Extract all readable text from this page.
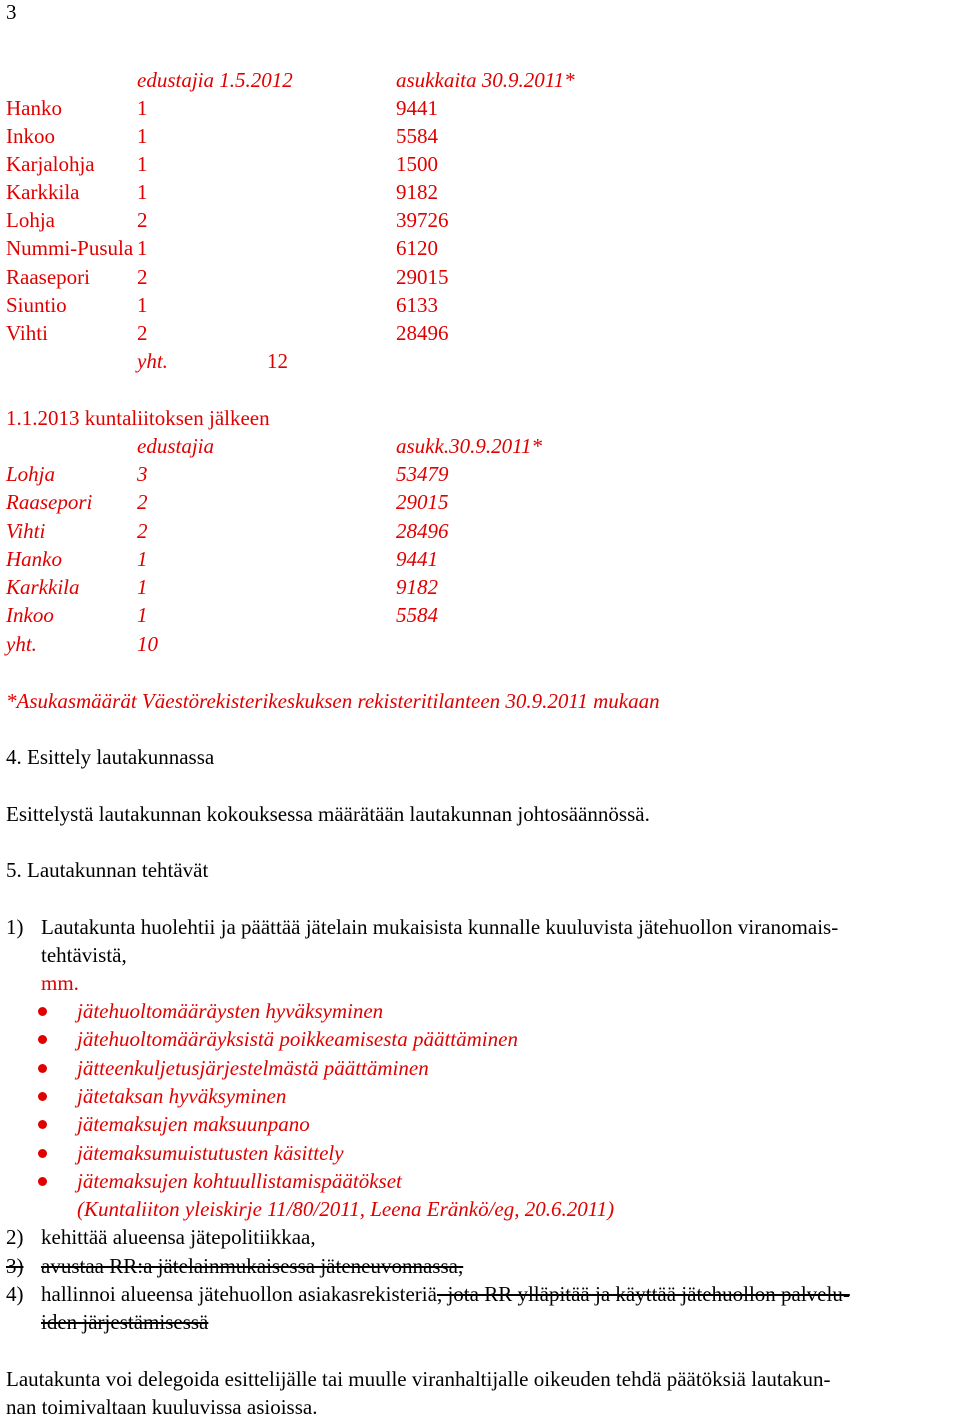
3
edustajia 1.5.2012	asukkaita 30.9.2011*
Hanko	1	9441
Inkoo	1	5584
Karjalohja 1	1500
Karkkila	1	9182
Lohja	2	39726
Nummi-Pusula 1	6120
Raasepori 2	29015
Siuntio	1	6133
Vihti	2	28496
yht.	12
1.1.2013 kuntaliitoksen jälkeen
edustajia	asukk.30.9.2011*
Lohja	3	53479
Raasepori 2	29015
Vihti	2	28496
Hanko	1	9441
Karkkila	1	9182
Inkoo	1	5584
yht.	10
*Asukasmäärät Väestörekisterikeskuksen rekisteritilanteen 30.9.2011 mukaan
4. Esittely lautakunnassa
Esittelystä lautakunnan kokouksessa määrätään lautakunnan johtosäännössä.
5. Lautakunnan tehtävät
1) Lautakunta huolehtii ja päättää jätelain mukaisista kunnalle kuuluvista jätehuollon viranomais-
tehtävistä,
mm.
jätehuoltomääräysten hyväksyminen
jätehuoltomääräyksistä poikkeamisesta päättäminen
jätteenkuljetusjärjestelmästä päättäminen
jätetaksan hyväksyminen
jätemaksujen maksuunpano
jätemaksumuistutusten käsittely
jätemaksujen kohtuullistamispäätökset
(Kuntaliiton yleiskirje 11/80/2011, Leena Eränkö/eg, 20.6.2011)
2) kehittää alueensa jätepolitiikkaa,
3) avustaa RR:a jätelainmukaisessa jäteneuvonnassa,
4) hallinnoi alueensa jätehuollon asiakasrekisteriä, jota RR ylläpitää ja käyttää jätehuollon palvelu-
iden järjestämisessä
Lautakunta voi delegoida esittelijälle tai muulle viranhaltijalle oikeuden tehdä päätöksiä lautakun-
nan toimivaltaan kuuluvissa asioissa.
